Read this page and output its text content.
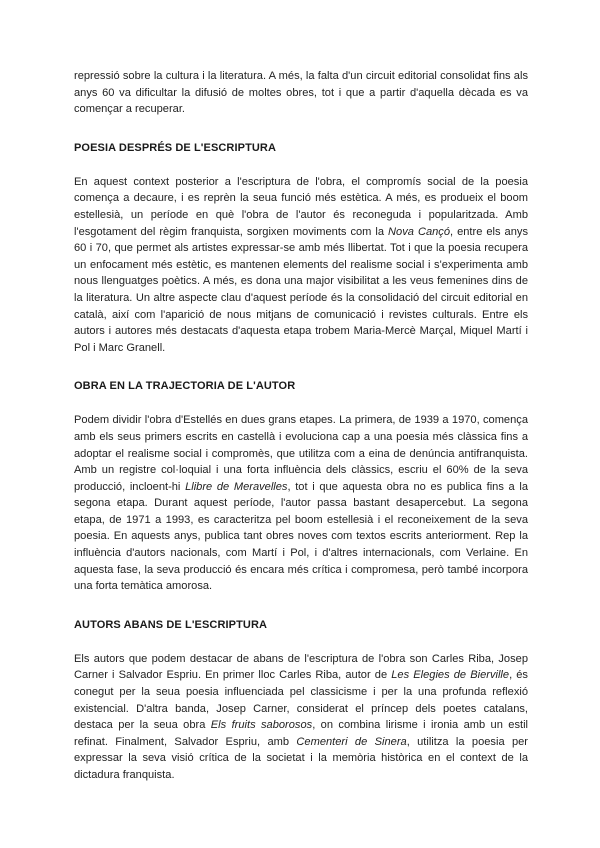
repressió sobre la cultura i la literatura. A més, la falta d'un circuit editorial consolidat fins als anys 60 va dificultar la difusió de moltes obres, tot i que a partir d'aquella dècada es va començar a recuperar.

POESIA DESPRÉS DE L'ESCRIPTURA

En aquest context posterior a l'escriptura de l'obra, el compromís social de la poesia comença a decaure, i es reprèn la seua funció més estètica. A més, es produeix el boom estellesià, un període en què l'obra de l'autor és reconeguda i popularitzada. Amb l'esgotament del règim franquista, sorgixen moviments com la Nova Cançó, entre els anys 60 i 70, que permet als artistes expressar-se amb més llibertat. Tot i que la poesia recupera un enfocament més estètic, es mantenen elements del realisme social i s'experimenta amb nous llenguatges poètics. A més, es dona una major visibilitat a les veus femenines dins de la literatura. Un altre aspecte clau d'aquest període és la consolidació del circuit editorial en català, així com l'aparició de nous mitjans de comunicació i revistes culturals. Entre els autors i autores més destacats d'aquesta etapa trobem Maria-Mercè Marçal, Miquel Martí i Pol i Marc Granell.

OBRA EN LA TRAJECTORIA DE L'AUTOR

Podem dividir l'obra d'Estellés en dues grans etapes. La primera, de 1939 a 1970, comença amb els seus primers escrits en castellà i evoluciona cap a una poesia més clàssica fins a adoptar el realisme social i compromès, que utilitza com a eina de denúncia antifranquista. Amb un registre col·loquial i una forta influència dels clàssics, escriu el 60% de la seva producció, incloent-hi Llibre de Meravelles, tot i que aquesta obra no es publica fins a la segona etapa. Durant aquest període, l'autor passa bastant desapercebut. La segona etapa, de 1971 a 1993, es caracteritza pel boom estellesià i el reconeixement de la seva poesia. En aquests anys, publica tant obres noves com textos escrits anteriorment. Rep la influència d'autors nacionals, com Martí i Pol, i d'altres internacionals, com Verlaine. En aquesta fase, la seva producció és encara més crítica i compromesa, però també incorpora una forta temàtica amorosa.

AUTORS ABANS DE L'ESCRIPTURA

Els autors que podem destacar de abans de l'escriptura de l'obra son Carles Riba, Josep Carner i Salvador Espriu. En primer lloc Carles Riba, autor de Les Elegies de Bierville, és conegut per la seua poesia influenciada pel classicisme i per la una profunda reflexió existencial. D'altra banda, Josep Carner, considerat el príncep dels poetes catalans, destaca per la seua obra Els fruits saborosos, on combina lirisme i ironia amb un estil refinat. Finalment, Salvador Espriu, amb Cementeri de Sinera, utilitza la poesia per expressar la seva visió crítica de la societat i la memòria històrica en el context de la dictadura franquista.
